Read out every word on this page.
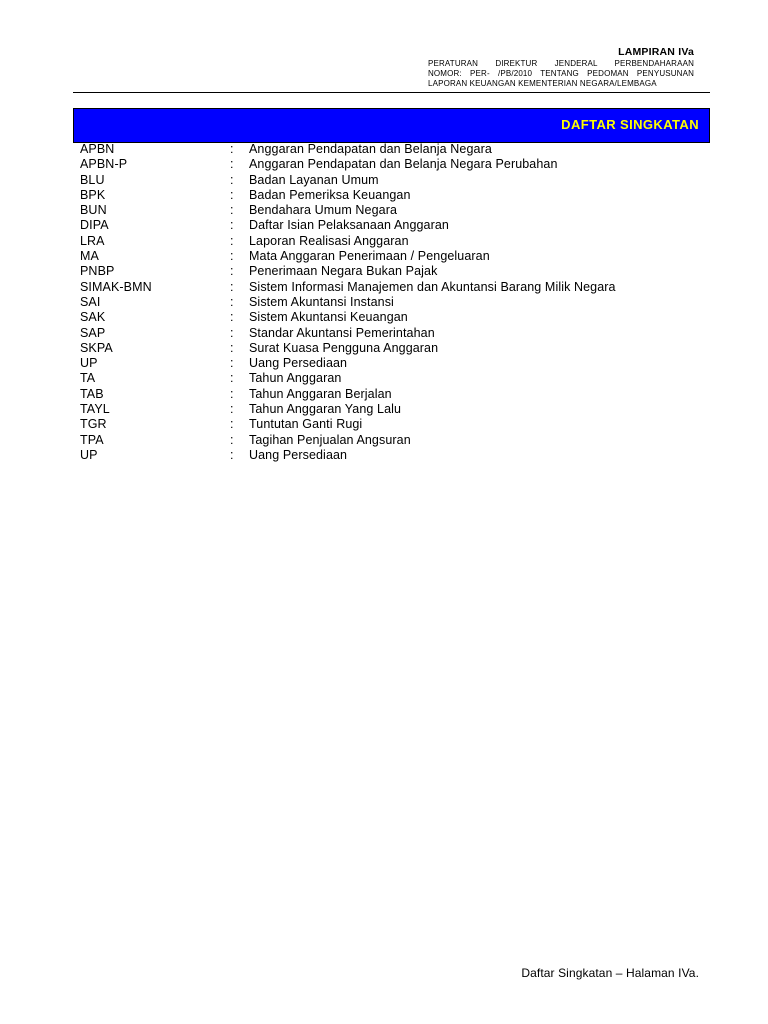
LAMPIRAN IVa
PERATURAN DIREKTUR JENDERAL PERBENDAHARAAN
NOMOR: PER- /PB/2010 TENTANG PEDOMAN PENYUSUNAN
LAPORAN KEUANGAN KEMENTERIAN NEGARA/LEMBAGA
DAFTAR SINGKATAN
APBN	: Anggaran Pendapatan dan Belanja Negara
APBN-P	: Anggaran Pendapatan dan Belanja Negara Perubahan
BLU	: Badan Layanan Umum
BPK	: Badan Pemeriksa Keuangan
BUN	: Bendahara Umum Negara
DIPA	: Daftar Isian Pelaksanaan Anggaran
LRA	: Laporan Realisasi Anggaran
MA	: Mata Anggaran Penerimaan / Pengeluaran
PNBP	: Penerimaan Negara Bukan Pajak
SIMAK-BMN	: Sistem Informasi Manajemen dan Akuntansi Barang Milik Negara
SAI	: Sistem Akuntansi Instansi
SAK	: Sistem Akuntansi Keuangan
SAP	: Standar Akuntansi Pemerintahan
SKPA	: Surat Kuasa Pengguna Anggaran
UP	: Uang Persediaan
TA	: Tahun Anggaran
TAB	: Tahun Anggaran Berjalan
TAYL	: Tahun Anggaran Yang Lalu
TGR	: Tuntutan Ganti Rugi
TPA	: Tagihan Penjualan Angsuran
UP	: Uang Persediaan
Daftar Singkatan – Halaman IVa.
